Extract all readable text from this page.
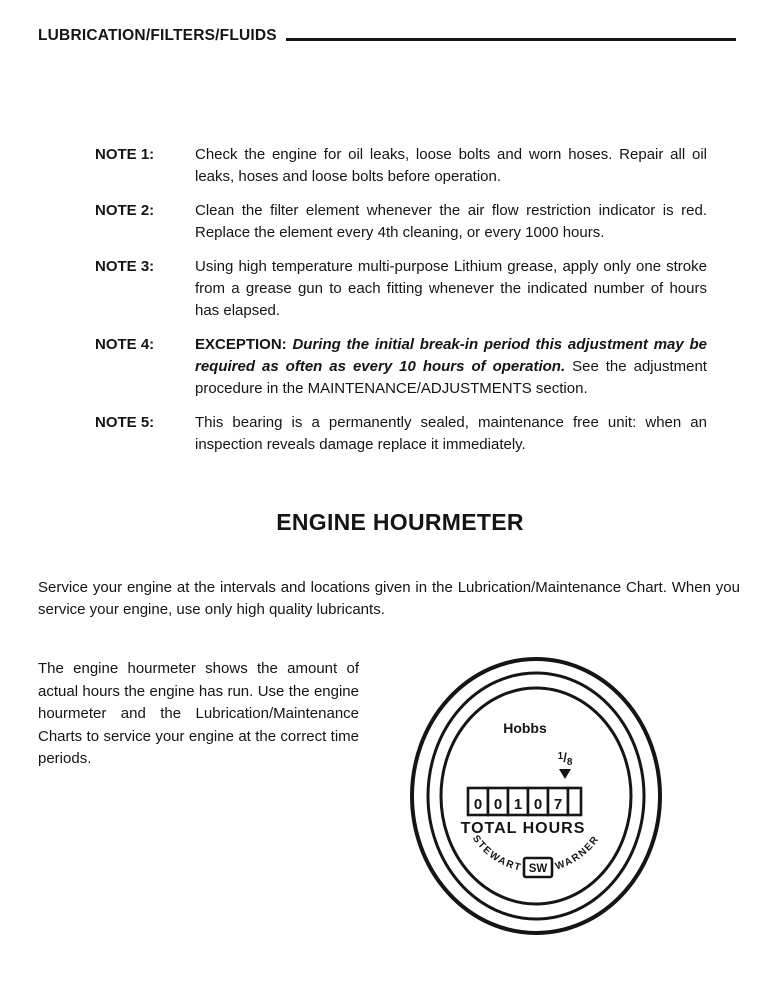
LUBRICATION/FILTERS/FLUIDS
NOTE 1:	Check the engine for oil leaks, loose bolts and worn hoses. Repair all oil leaks, hoses and loose bolts before operation.
NOTE 2:	Clean the filter element whenever the air flow restriction indicator is red. Replace the element every 4th cleaning, or every 1000 hours.
NOTE 3:	Using high temperature multi-purpose Lithium grease, apply only one stroke from a grease gun to each fitting whenever the indicated number of hours has elapsed.
NOTE 4:	EXCEPTION: During the initial break-in period this adjustment may be required as often as every 10 hours of operation. See the adjustment procedure in the MAINTENANCE/ADJUSTMENTS section.
NOTE 5:	This bearing is a permanently sealed, maintenance free unit: when an inspection reveals damage replace it immediately.
ENGINE HOURMETER

Service your engine at the intervals and locations given in the Lubrication/Maintenance Chart. When you service your engine, use only high quality lubricants.

The engine hourmeter shows the amount of actual hours the engine has run. Use the engine hourmeter and the Lubrication/Maintenance Charts to service your engine at the correct time periods.

Hobbs
$^1/_8$
0 0 1 0 7
TOTAL HOURS
STEWART	WARNER
SW
